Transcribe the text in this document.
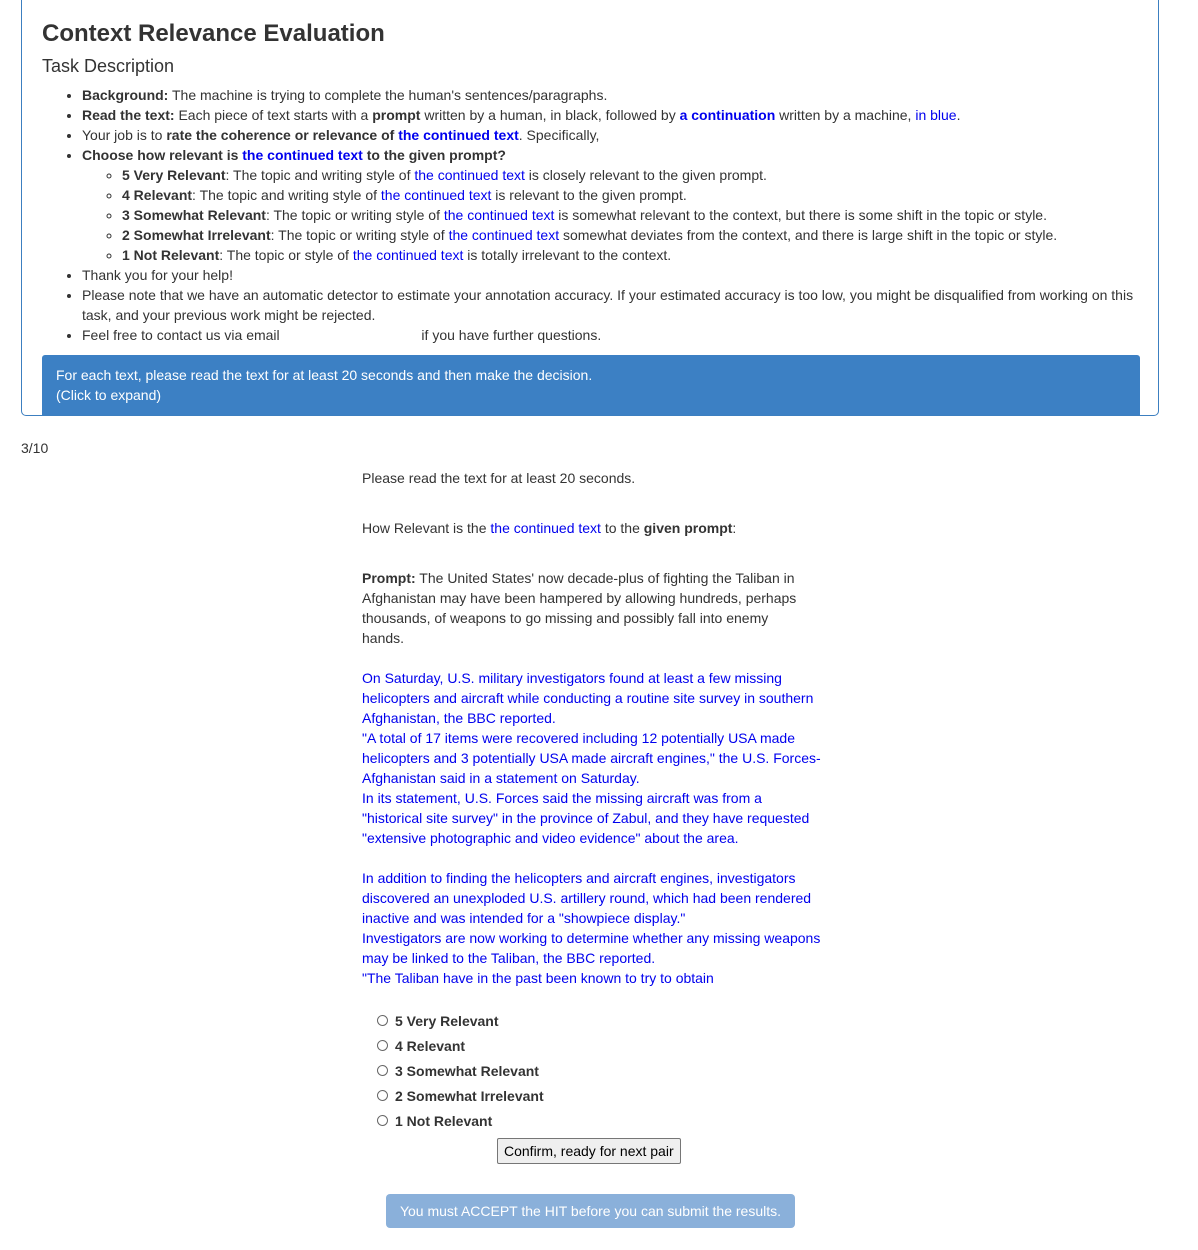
Context Relevance Evaluation
Task Description
• Background: The machine is trying to complete the human's sentences/paragraphs.
• Read the text: Each piece of text starts with a prompt written by a human, in black, followed by a continuation written by a machine, in blue.
• Your job is to rate the coherence or relevance of the continued text. Specifically,
• Choose how relevant is the continued text to the given prompt?
◦ 5 Very Relevant: The topic and writing style of the continued text is closely relevant to the given prompt.
◦ 4 Relevant: The topic and writing style of the continued text is relevant to the given prompt.
◦ 3 Somewhat Relevant: The topic or writing style of the continued text is somewhat relevant to the context, but there is some shift in the topic or style.
◦ 2 Somewhat Irrelevant: The topic or writing style of the continued text somewhat deviates from the context, and there is large shift in the topic or style.
◦ 1 Not Relevant: The topic or style of the continued text is totally irrelevant to the context.
• Thank you for your help!
• Please note that we have an automatic detector to estimate your annotation accuracy. If your estimated accuracy is too low, you might be disqualified from working on this task, and your previous work might be rejected.
• Feel free to contact us via email	if you have further questions.
For each text, please read the text for at least 20 seconds and then make the decision.
(Click to expand)
3/10

Please read the text for at least 20 seconds.

How Relevant is the the continued text to the given prompt:

Prompt: The United States' now decade-plus of fighting the Taliban in Afghanistan may have been hampered by allowing hundreds, perhaps thousands, of weapons to go missing and possibly fall into enemy hands.

On Saturday, U.S. military investigators found at least a few missing helicopters and aircraft while conducting a routine site survey in southern Afghanistan, the BBC reported.

"A total of 17 items were recovered including 12 potentially USA made helicopters and 3 potentially USA made aircraft engines," the U.S. Forces-Afghanistan said in a statement on Saturday.

In its statement, U.S. Forces said the missing aircraft was from a "historical site survey" in the province of Zabul, and they have requested "extensive photographic and video evidence" about the area.

In addition to finding the helicopters and aircraft engines, investigators discovered an unexploded U.S. artillery round, which had been rendered inactive and was intended for a "showpiece display."

Investigators are now working to determine whether any missing weapons may be linked to the Taliban, the BBC reported.

"The Taliban have in the past been known to try to obtain

5 Very Relevant
4 Relevant
3 Somewhat Relevant
2 Somewhat Irrelevant
1 Not Relevant
Confirm, ready for next pair
You must ACCEPT the HIT before you can submit the results.
